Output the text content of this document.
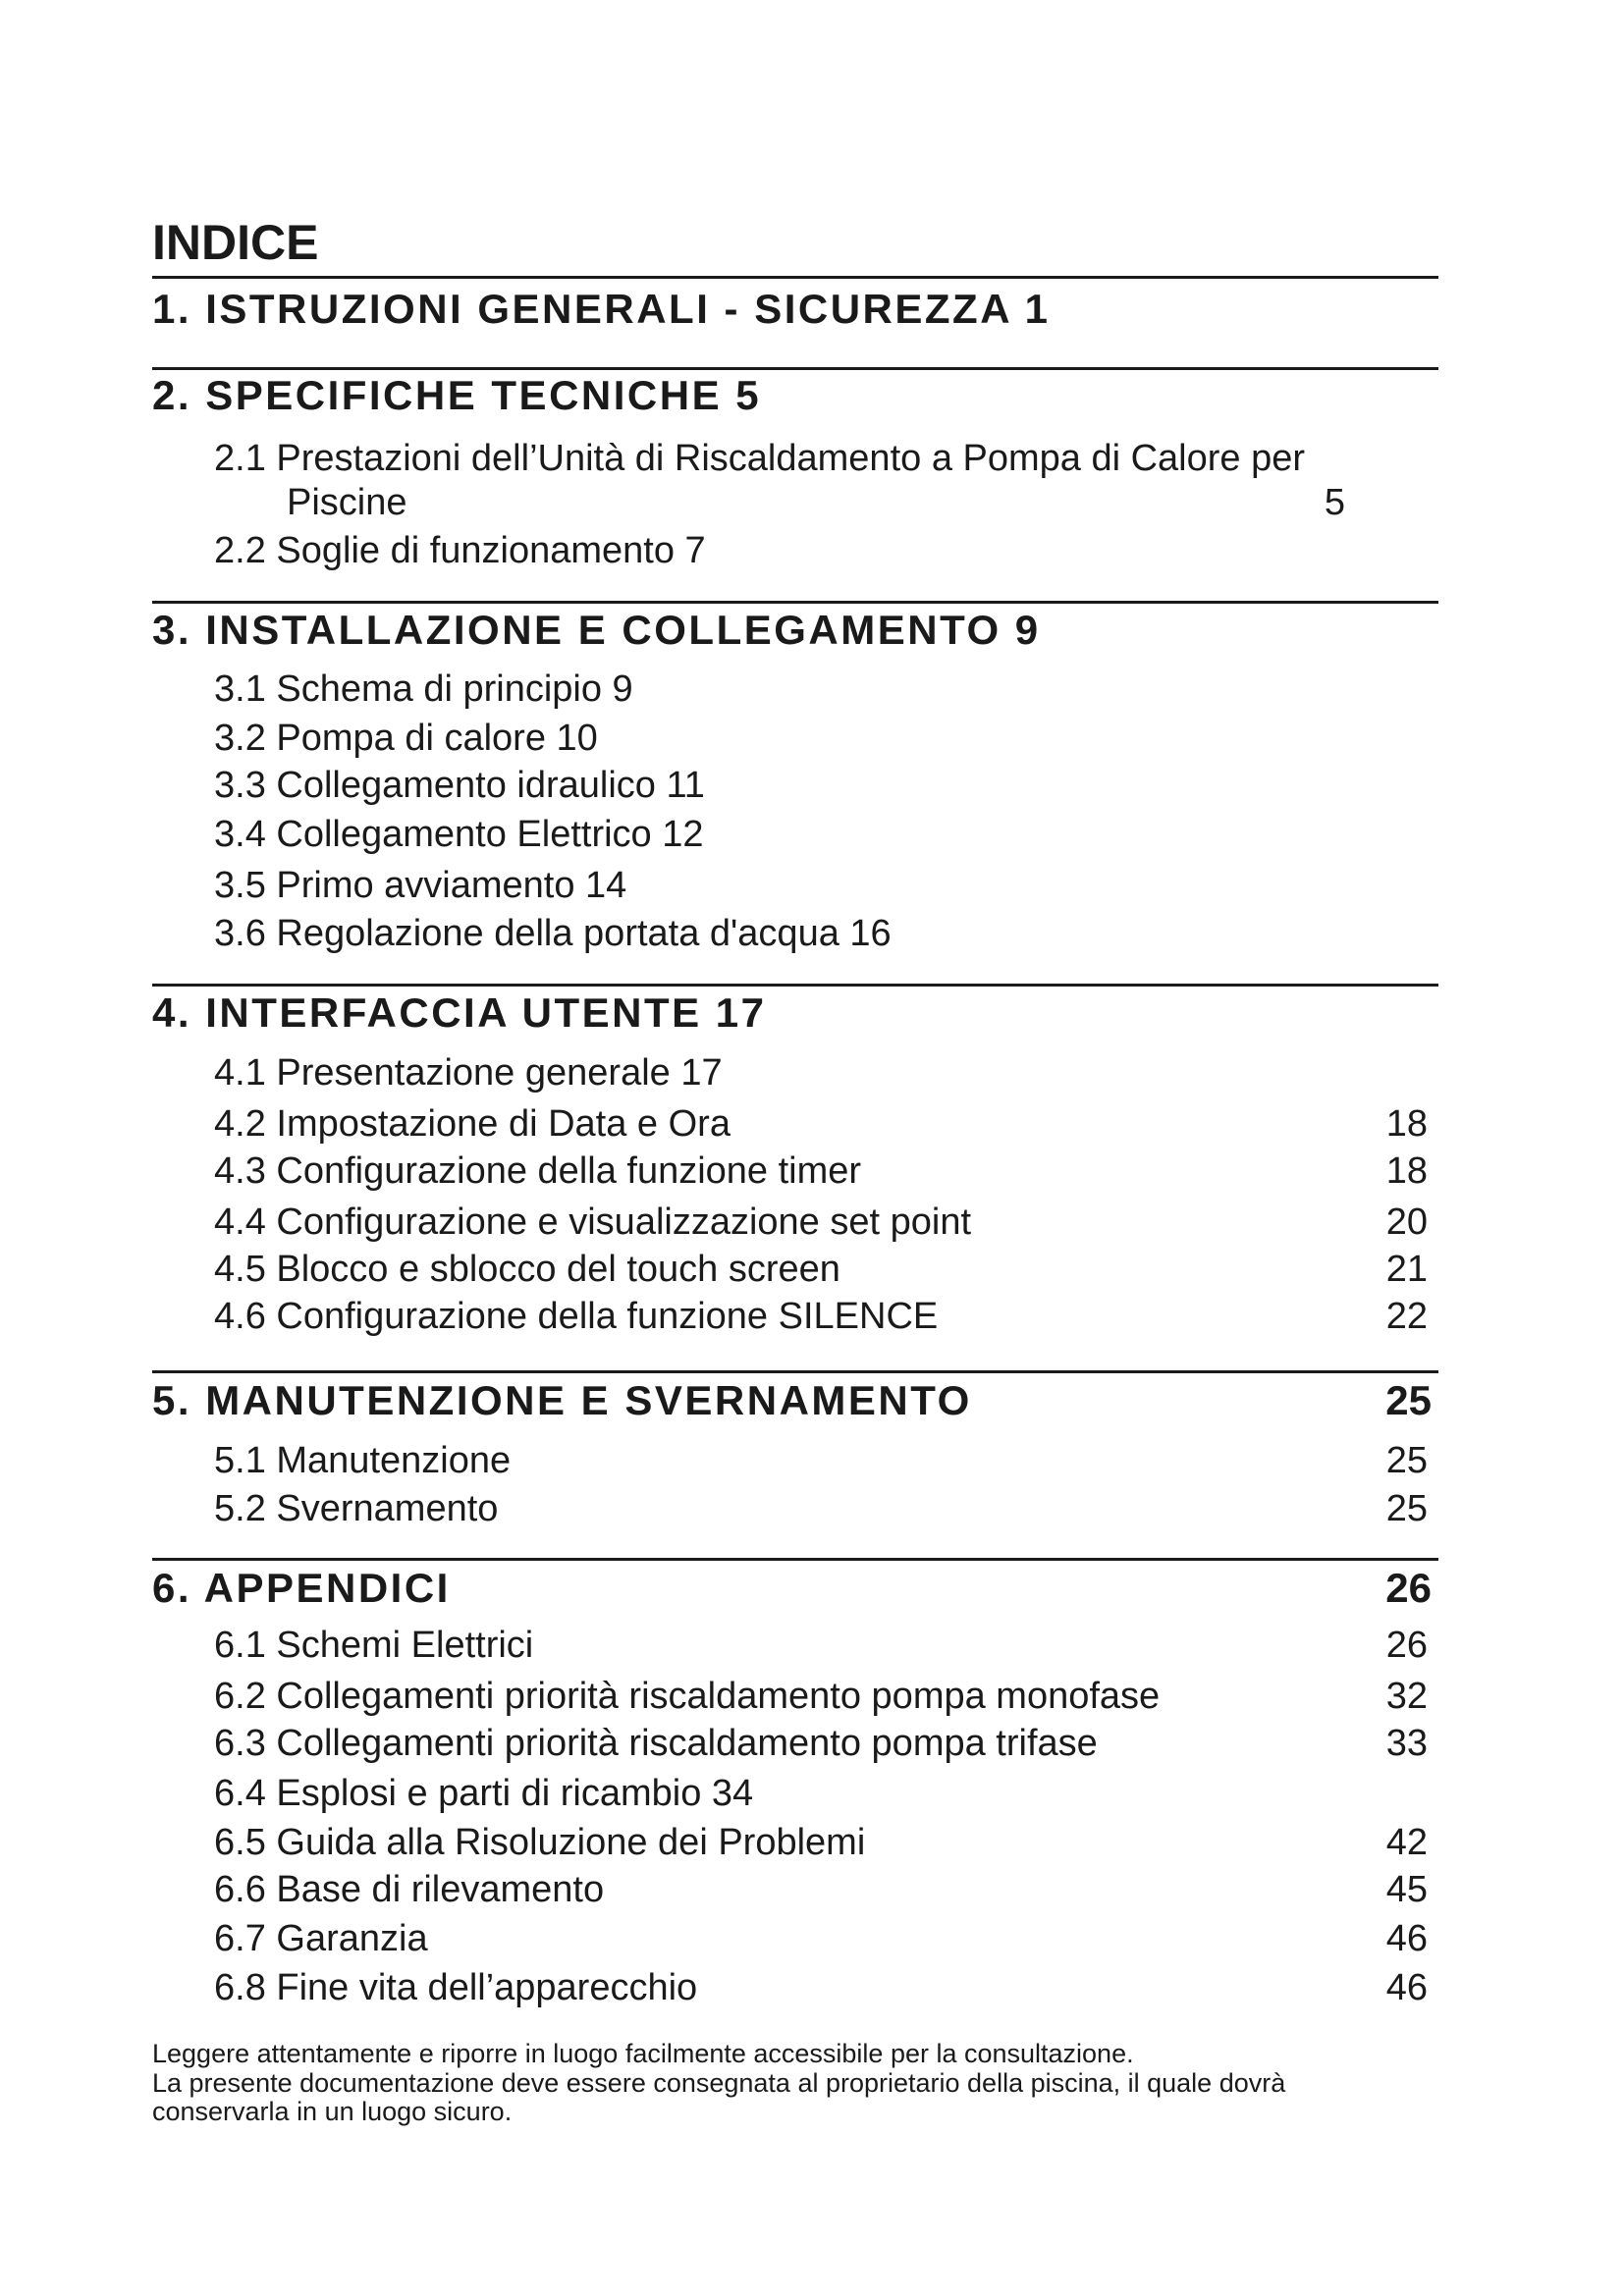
INDICE
1. ISTRUZIONI GENERALI - SICUREZZA 1
2. SPECIFICHE TECNICHE 5
2.1 Prestazioni dell’Unità di Riscaldamento a Pompa di Calore per
Piscine	5
2.2 Soglie di funzionamento 7
3. INSTALLAZIONE E COLLEGAMENTO 9
3.1 Schema di principio 9
3.2 Pompa di calore 10
3.3 Collegamento idraulico 11
3.4 Collegamento Elettrico 12
3.5 Primo avviamento 14
3.6 Regolazione della portata d'acqua 16
4. INTERFACCIA UTENTE 17
4.1 Presentazione generale 17
4.2 Impostazione di Data e Ora	18
4.3 Configurazione della funzione timer	18
4.4 Configurazione e visualizzazione set point	20
4.5 Blocco e sblocco del touch screen	21
4.6 Configurazione della funzione SILENCE	22
5. MANUTENZIONE E SVERNAMENTO	25
5.1 Manutenzione	25
5.2 Svernamento	25
6. APPENDICI	26
6.1 Schemi Elettrici	26
6.2 Collegamenti priorità riscaldamento pompa monofase	32
6.3 Collegamenti priorità riscaldamento pompa trifase	33
6.4 Esplosi e parti di ricambio 34
6.5 Guida alla Risoluzione dei Problemi	42
6.6 Base di rilevamento	45
6.7 Garanzia	46
6.8 Fine vita dell’apparecchio	46
Leggere attentamente e riporre in luogo facilmente accessibile per la consultazione.
La presente documentazione deve essere consegnata al proprietario della piscina, il quale dovrà
conservarla in un luogo sicuro.
